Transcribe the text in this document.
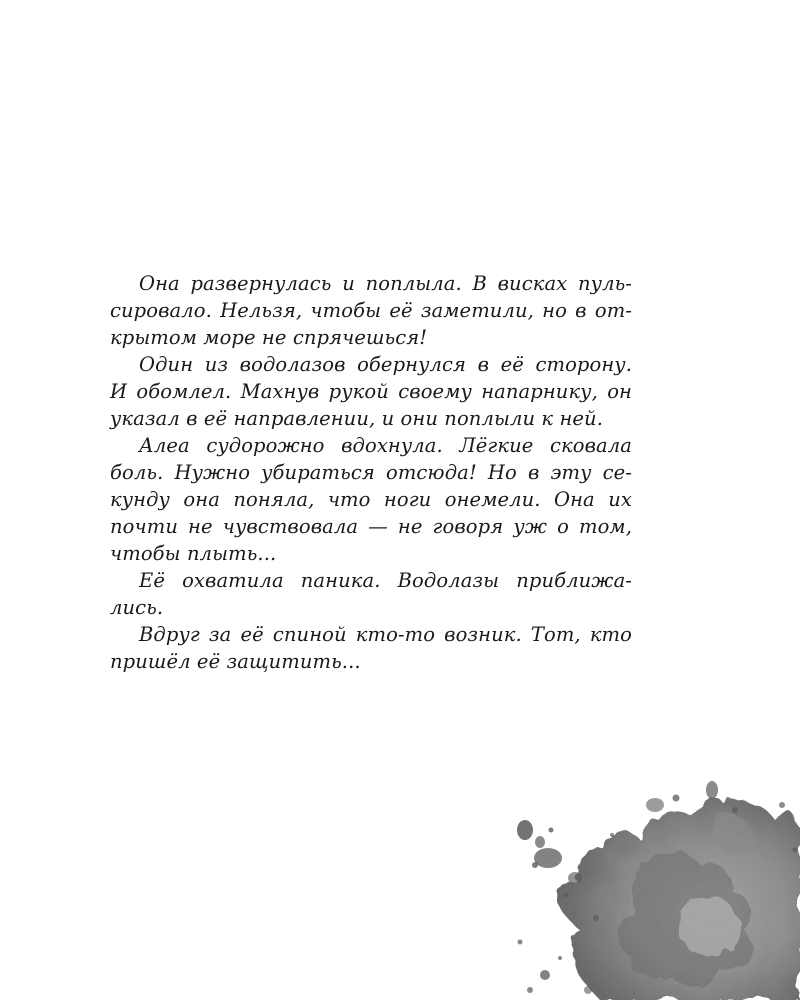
Она развернулась и поплыла. В висках пуль-
сировало. Нельзя, чтобы её заметили, но в от-
крытом море не спрячешься!
Один из водолазов обернулся в её сторону.
И обомлел. Махнув рукой своему напарнику, он
указал в её направлении, и они поплыли к ней.
Алеа судорожно вдохнула. Лёгкие сковала
боль. Нужно убираться отсюда! Но в эту се-
кунду она поняла, что ноги онемели. Она их
почти не чувствовала — не говоря уж о том,
чтобы плыть...
Её охватила паника. Водолазы приближа-
лись.
Вдруг за её спиной кто-то возник. Тот, кто
пришёл её защитить...
